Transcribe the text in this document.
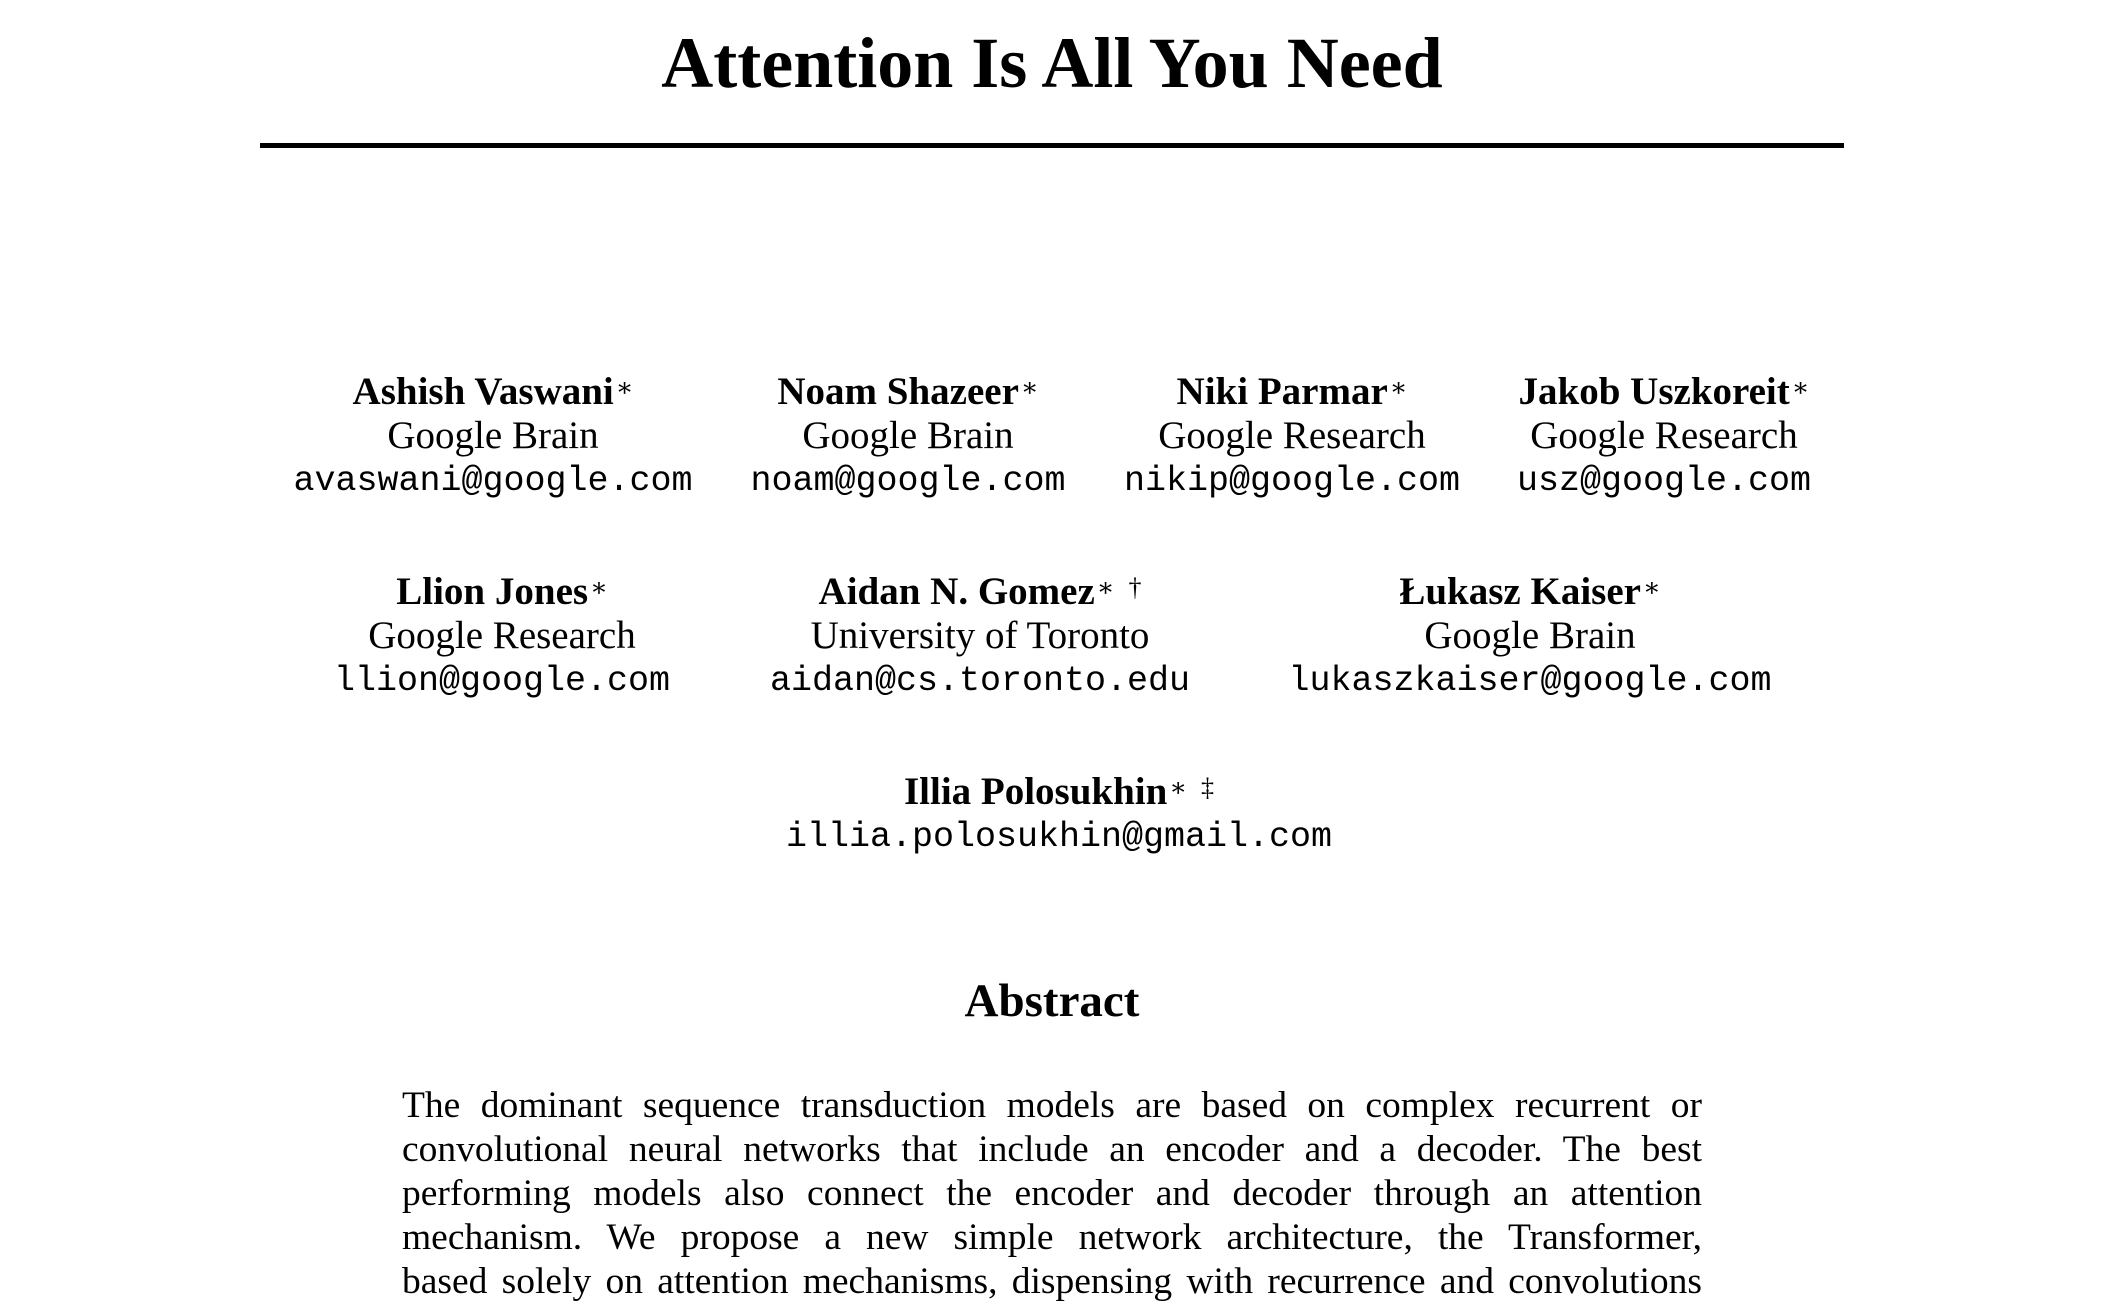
Attention Is All You Need
Ashish Vaswani∗
Google Brain
avaswani@google.com
Noam Shazeer∗
Google Brain
noam@google.com
Niki Parmar∗
Google Research
nikip@google.com
Jakob Uszkoreit∗
Google Research
usz@google.com
Llion Jones∗
Google Research
llion@google.com
Aidan N. Gomez∗ †
University of Toronto
aidan@cs.toronto.edu
Łukasz Kaiser∗
Google Brain
lukaszkaiser@google.com
Illia Polosukhin∗ ‡
illia.polosukhin@gmail.com
Abstract
The dominant sequence transduction models are based on complex recurrent or
convolutional neural networks that include an encoder and a decoder. The best
performing models also connect the encoder and decoder through an attention
mechanism. We propose a new simple network architecture, the Transformer,
based solely on attention mechanisms, dispensing with recurrence and convolutions
